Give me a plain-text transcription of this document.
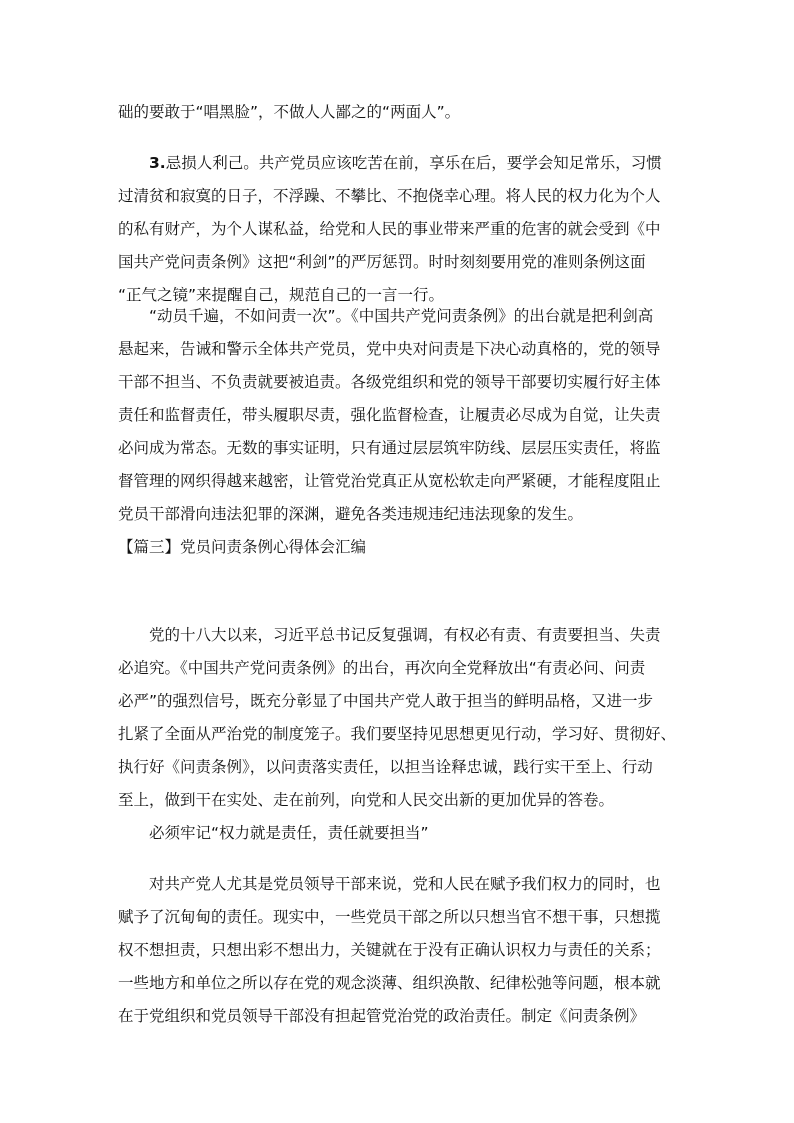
础的要敢于“唱黑脸”，不做人人鄙之的“两面人”。
3.忌损人利己。共产党员应该吃苦在前，享乐在后，要学会知足常乐，习惯
过清贫和寂寞的日子，不浮躁、不攀比、不抱侥幸心理。将人民的权力化为个人
的私有财产，为个人谋私益，给党和人民的事业带来严重的危害的就会受到《中
国共产党问责条例》这把“利剑”的严厉惩罚。时时刻刻要用党的准则条例这面
“正气之镜”来提醒自己，规范自己的一言一行。
“动员千遍，不如问责一次”。《中国共产党问责条例》的出台就是把利剑高
悬起来，告诫和警示全体共产党员，党中央对问责是下决心动真格的，党的领导
干部不担当、不负责就要被追责。各级党组织和党的领导干部要切实履行好主体
责任和监督责任，带头履职尽责，强化监督检查，让履责必尽成为自觉，让失责
必问成为常态。无数的事实证明，只有通过层层筑牢防线、层层压实责任，将监
督管理的网织得越来越密，让管党治党真正从宽松软走向严紧硬，才能程度阻止
党员干部滑向违法犯罪的深渊，避免各类违规违纪违法现象的发生。
【篇三】党员问责条例心得体会汇编
党的十八大以来，习近平总书记反复强调，有权必有责、有责要担当、失责
必追究。《中国共产党问责条例》的出台，再次向全党释放出“有责必问、问责
必严”的强烈信号，既充分彰显了中国共产党人敢于担当的鲜明品格，又进一步
扎紧了全面从严治党的制度笼子。我们要坚持见思想更见行动，学习好、贯彻好、
执行好《问责条例》，以问责落实责任，以担当诠释忠诚，践行实干至上、行动
至上，做到干在实处、走在前列，向党和人民交出新的更加优异的答卷。
必须牢记“权力就是责任，责任就要担当”
对共产党人尤其是党员领导干部来说，党和人民在赋予我们权力的同时，也
赋予了沉甸甸的责任。现实中，一些党员干部之所以只想当官不想干事，只想揽
权不想担责，只想出彩不想出力，关键就在于没有正确认识权力与责任的关系；
一些地方和单位之所以存在党的观念淡薄、组织涣散、纪律松弛等问题，根本就
在于党组织和党员领导干部没有担起管党治党的政治责任。制定《问责条例》
